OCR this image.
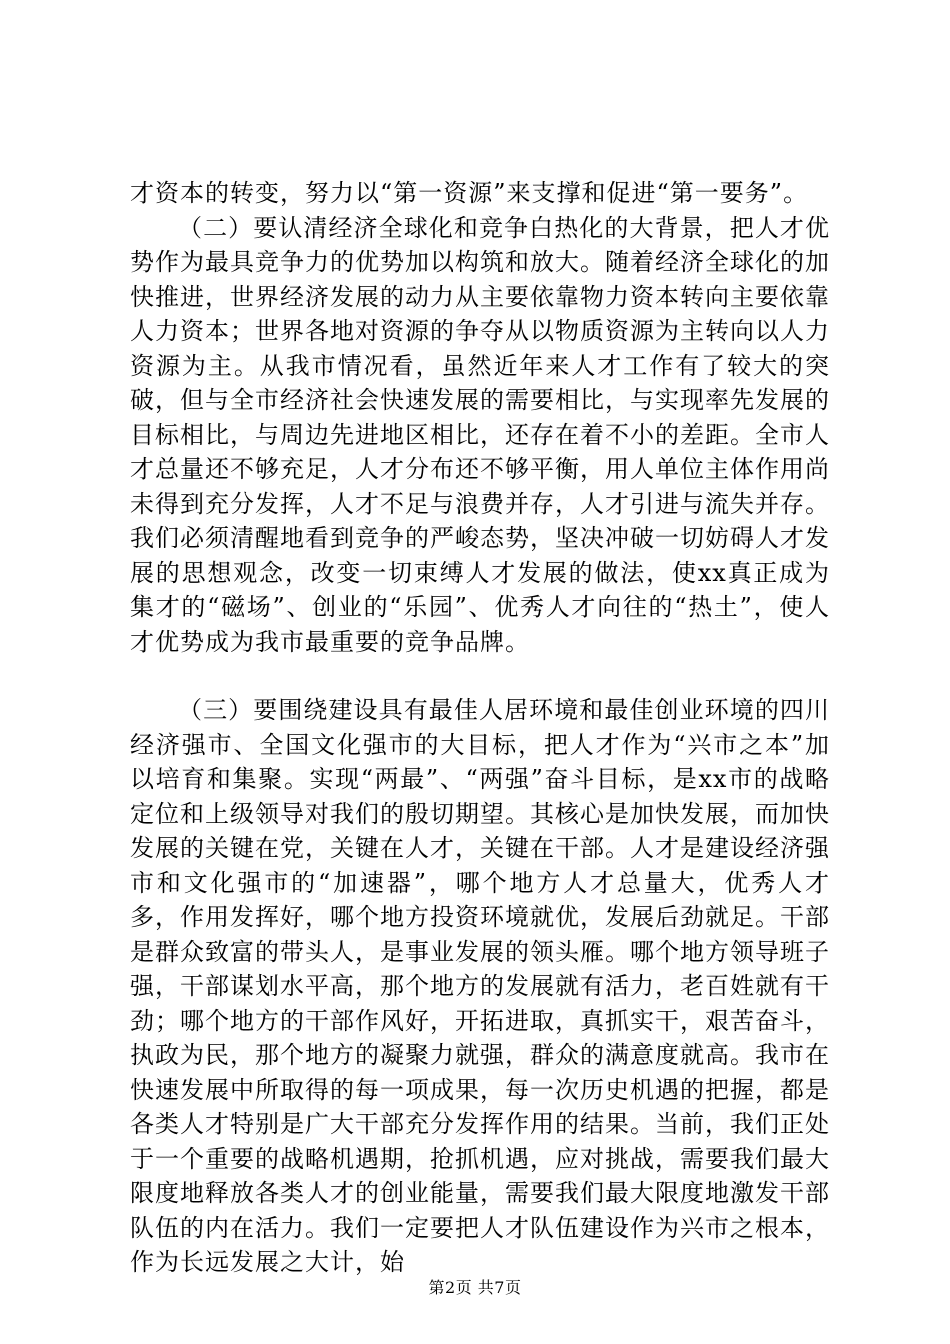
才资本的转变，努力以“第一资源”来支撑和促进“第一要务”。

（二）要认清经济全球化和竞争白热化的大背景，把人才优势作为最具竞争力的优势加以构筑和放大。随着经济全球化的加快推进，世界经济发展的动力从主要依靠物力资本转向主要依靠人力资本；世界各地对资源的争夺从以物质资源为主转向以人力资源为主。从我市情况看，虽然近年来人才工作有了较大的突破，但与全市经济社会快速发展的需要相比，与实现率先发展的目标相比，与周边先进地区相比，还存在着不小的差距。全市人才总量还不够充足，人才分布还不够平衡，用人单位主体作用尚未得到充分发挥，人才不足与浪费并存，人才引进与流失并存。我们必须清醒地看到竞争的严峻态势，坚决冲破一切妨碍人才发展的思想观念，改变一切束缚人才发展的做法，使xx真正成为集才的“磁场”、创业的“乐园”、优秀人才向往的“热土”，使人才优势成为我市最重要的竞争品牌。

（三）要围绕建设具有最佳人居环境和最佳创业环境的四川经济强市、全国文化强市的大目标，把人才作为“兴市之本”加以培育和集聚。实现“两最”、“两强”奋斗目标，是xx市的战略定位和上级领导对我们的殷切期望。其核心是加快发展，而加快发展的关键在党，关键在人才，关键在干部。人才是建设经济强市和文化强市的“加速器”，哪个地方人才总量大，优秀人才多，作用发挥好，哪个地方投资环境就优，发展后劲就足。干部是群众致富的带头人，是事业发展的领头雁。哪个地方领导班子强，干部谋划水平高，那个地方的发展就有活力，老百姓就有干劲；哪个地方的干部作风好，开拓进取，真抓实干，艰苦奋斗，执政为民，那个地方的凝聚力就强，群众的满意度就高。我市在快速发展中所取得的每一项成果，每一次历史机遇的把握，都是各类人才特别是广大干部充分发挥作用的结果。当前，我们正处于一个重要的战略机遇期，抢抓机遇，应对挑战，需要我们最大限度地释放各类人才的创业能量，需要我们最大限度地激发干部队伍的内在活力。我们一定要把人才队伍建设作为兴市之根本，作为长远发展之大计，始

第2页 共7页
